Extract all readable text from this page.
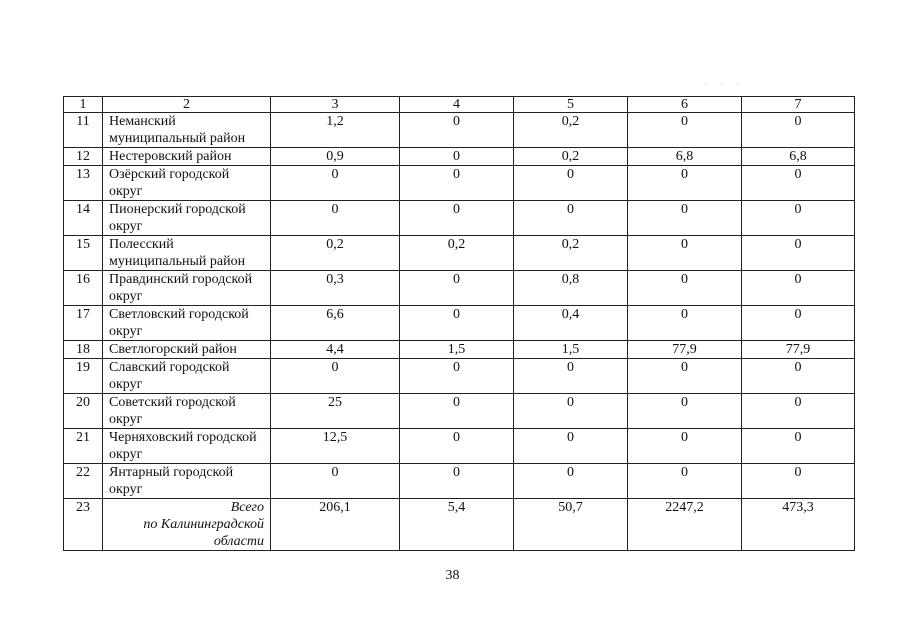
. . .
1	2	3	4	5	6	7
11	Неманский муниципальный район	1,2	0	0,2	0	0
12	Нестеровский район	0,9	0	0,2	6,8	6,8
13	Озёрский городской округ	0	0	0	0	0
14	Пионерский городской округ	0	0	0	0	0
15	Полесский муниципальный район	0,2	0,2	0,2	0	0
16	Правдинский городской округ	0,3	0	0,8	0	0
17	Светловский городской округ	6,6	0	0,4	0	0
18	Светлогорский район	4,4	1,5	1,5	77,9	77,9
19	Славский городской округ	0	0	0	0	0
20	Советский городской округ	25	0	0	0	0
21	Черняховский городской округ	12,5	0	0	0	0
22	Янтарный городской округ	0	0	0	0	0
23	Всего
по Калининградской
области	206,1	5,4	50,7	2247,2	473,3
38
